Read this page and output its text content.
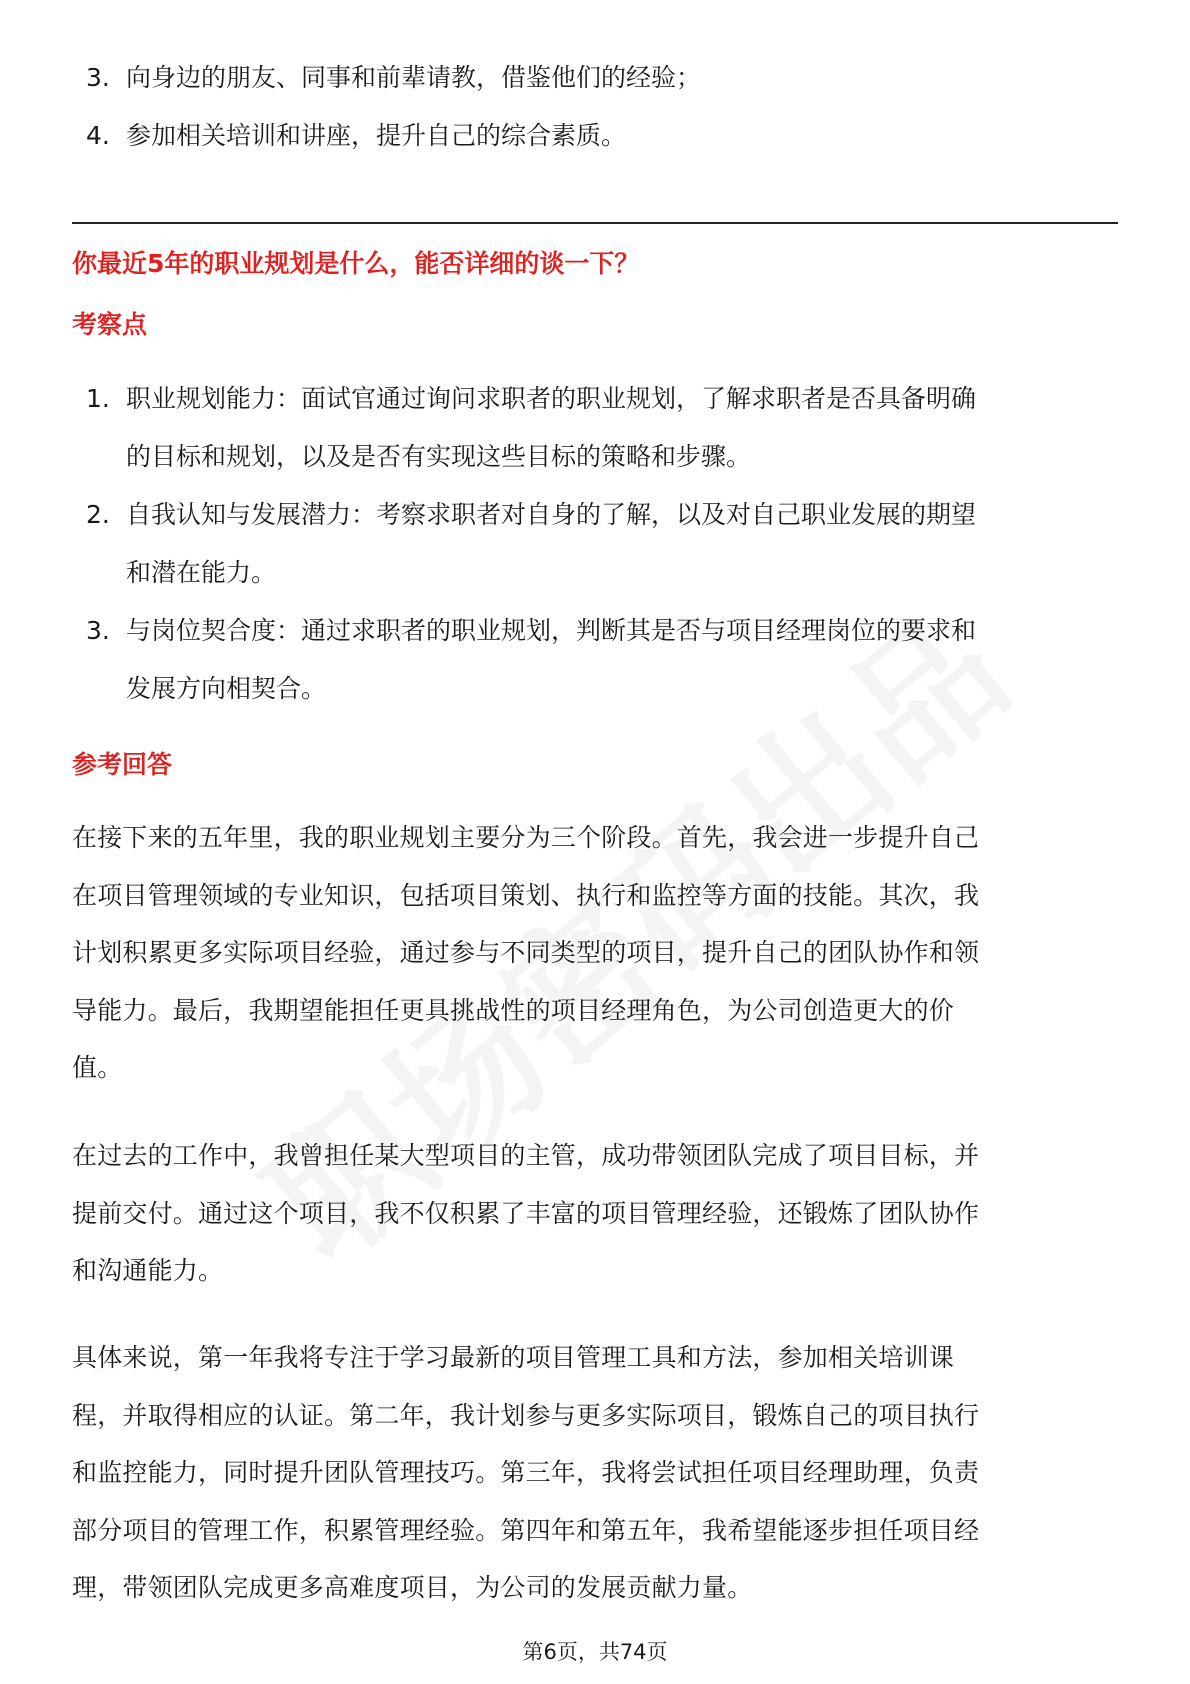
3. 向身边的朋友、同事和前辈请教，借鉴他们的经验；
4. 参加相关培训和讲座，提升自己的综合素质。
你最近5年的职业规划是什么，能否详细的谈一下？
考察点
1. 职业规划能力：面试官通过询问求职者的职业规划，了解求职者是否具备明确
的目标和规划，以及是否有实现这些目标的策略和步骤。
2. 自我认知与发展潜力：考察求职者对自身的了解，以及对自己职业发展的期望
和潜在能力。
3. 与岗位契合度：通过求职者的职业规划，判断其是否与项目经理岗位的要求和
发展方向相契合。
参考回答

在接下来的五年里，我的职业规划主要分为三个阶段。首先，我会进一步提升自己
在项目管理领域的专业知识，包括项目策划、执行和监控等方面的技能。其次，我
计划积累更多实际项目经验，通过参与不同类型的项目，提升自己的团队协作和领
导能力。最后，我期望能担任更具挑战性的项目经理角色，为公司创造更大的价
值。

在过去的工作中，我曾担任某大型项目的主管，成功带领团队完成了项目目标，并
提前交付。通过这个项目，我不仅积累了丰富的项目管理经验，还锻炼了团队协作
和沟通能力。

具体来说，第一年我将专注于学习最新的项目管理工具和方法，参加相关培训课
程，并取得相应的认证。第二年，我计划参与更多实际项目，锻炼自己的项目执行
和监控能力，同时提升团队管理技巧。第三年，我将尝试担任项目经理助理，负责
部分项目的管理工作，积累管理经验。第四年和第五年，我希望能逐步担任项目经
理，带领团队完成更多高难度项目，为公司的发展贡献力量。

第6页，共74页
